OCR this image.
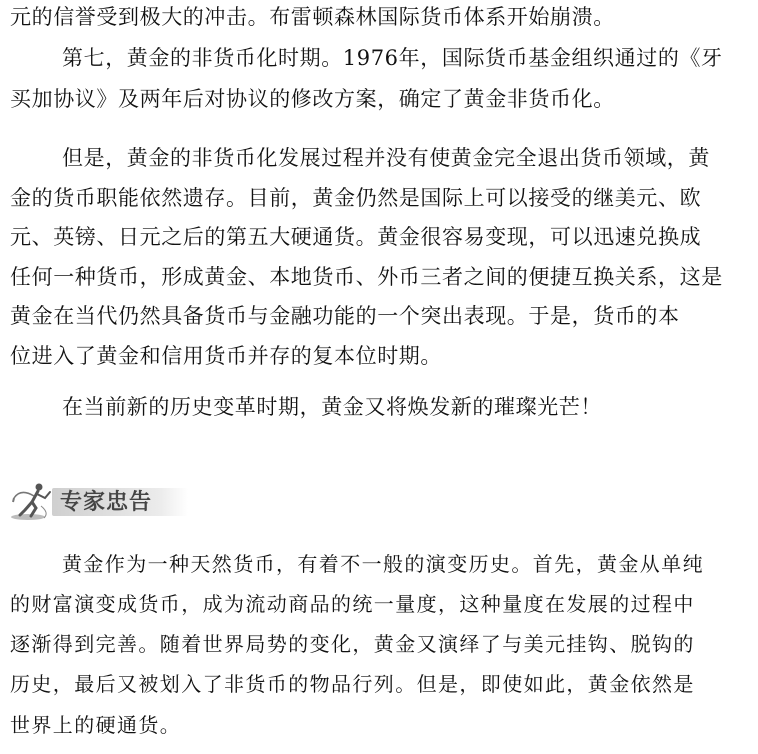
元的信誉受到极大的冲击。布雷顿森林国际货币体系开始崩溃。
第七，黄金的非货币化时期。1976年，国际货币基金组织通过的《牙
买加协议》及两年后对协议的修改方案，确定了黄金非货币化。
但是，黄金的非货币化发展过程并没有使黄金完全退出货币领域，黄
金的货币职能依然遗存。目前，黄金仍然是国际上可以接受的继美元、欧
元、英镑、日元之后的第五大硬通货。黄金很容易变现，可以迅速兑换成
任何一种货币，形成黄金、本地货币、外币三者之间的便捷互换关系，这是
黄金在当代仍然具备货币与金融功能的一个突出表现。于是，货币的本
位进入了黄金和信用货币并存的复本位时期。
在当前新的历史变革时期，黄金又将焕发新的璀璨光芒！
专家忠告
黄金作为一种天然货币，有着不一般的演变历史。首先，黄金从单纯
的财富演变成货币，成为流动商品的统一量度，这种量度在发展的过程中
逐渐得到完善。随着世界局势的变化，黄金又演绎了与美元挂钩、脱钩的
历史，最后又被划入了非货币的物品行列。但是，即使如此，黄金依然是
世界上的硬通货。
